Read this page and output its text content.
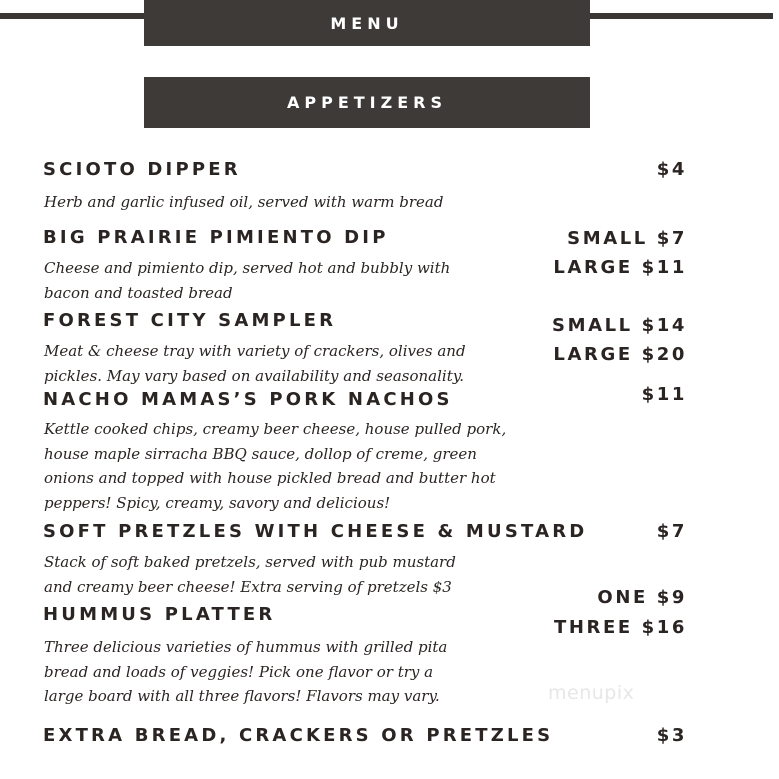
MENU
APPETIZERS
SCIOTO DIPPER	$4
Herb and garlic infused oil, served with warm bread
BIG PRAIRIE PIMIENTO DIP	SMALL $7
LARGE $11
Cheese and pimiento dip, served hot and bubbly with bacon and toasted bread
FOREST CITY SAMPLER	SMALL $14
LARGE $20
Meat & cheese tray with variety of crackers, olives and pickles. May vary based on availability and seasonality.
NACHO MAMAS’S PORK NACHOS	$11
Kettle cooked chips, creamy beer cheese, house pulled pork, house maple sirracha BBQ sauce, dollop of creme, green onions and topped with house pickled bread and butter hot peppers! Spicy, creamy, savory and delicious!
SOFT PRETZLES WITH CHEESE & MUSTARD	$7
Stack of soft baked pretzels, served with pub mustard and creamy beer cheese! Extra serving of pretzels $3
HUMMUS PLATTER
ONE $9
THREE $16
Three delicious varieties of hummus with grilled pita bread and loads of veggies! Pick one flavor or try a large board with all three flavors! Flavors may vary.
EXTRA BREAD, CRACKERS OR PRETZLES	$3
menupix
